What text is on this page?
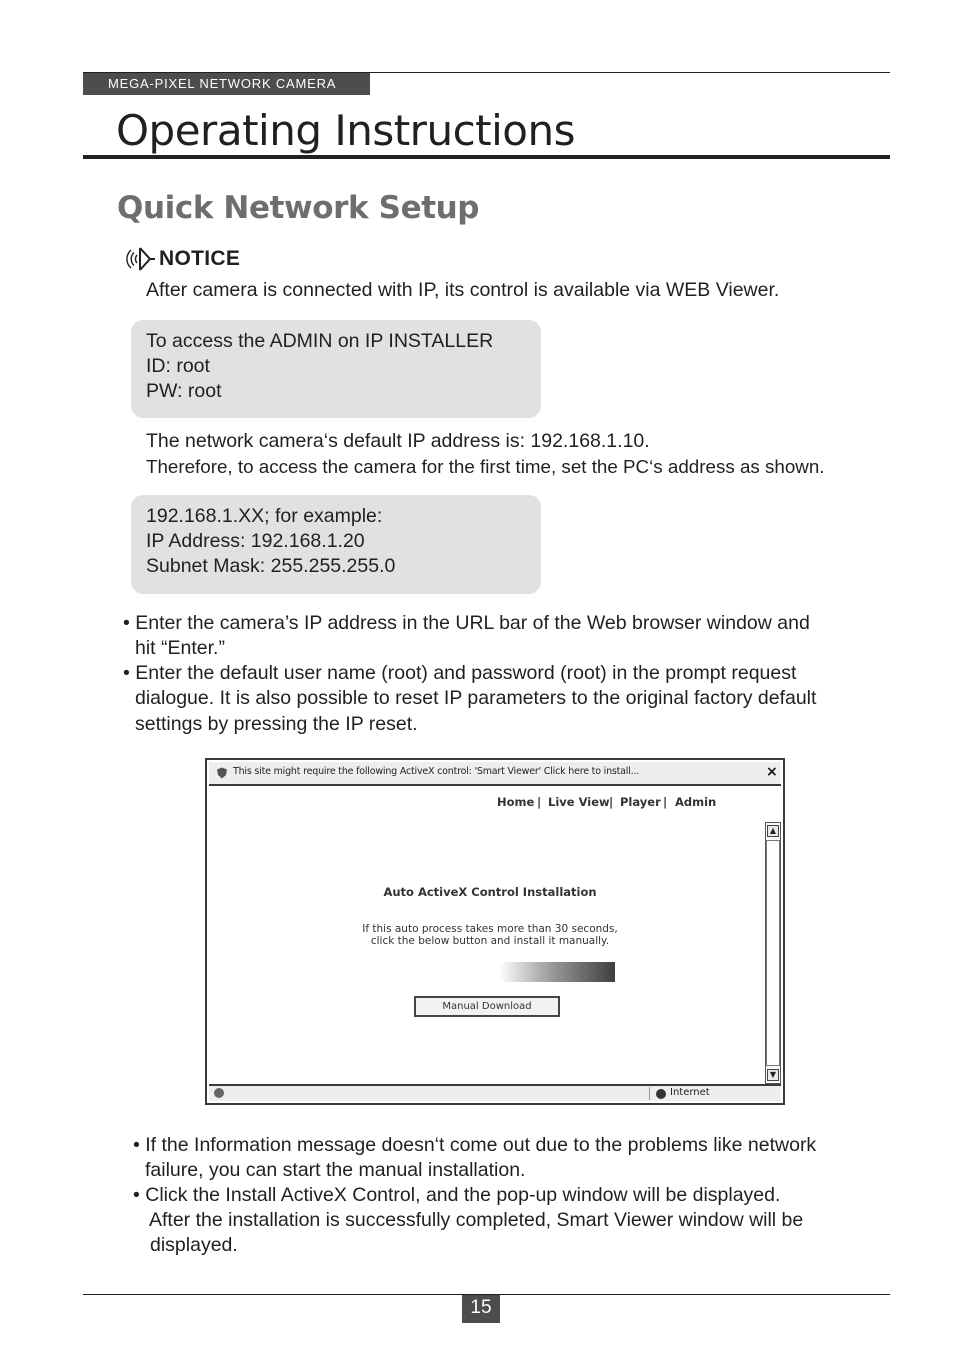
MEGA-PIXEL NETWORK CAMERA
Operating Instructions
Quick Network Setup
NOTICE
After camera is connected with IP, its control is available via WEB Viewer.
To access the ADMIN on IP INSTALLER
ID: root
PW: root
The network camera‘s default IP address is: 192.168.1.10.
Therefore, to access the camera for the first time, set the PC‘s address as shown.
192.168.1.XX; for example:
IP Address: 192.168.1.20
Subnet Mask: 255.255.255.0
• Enter the camera’s IP address in the URL bar of the Web browser window and
hit “Enter.”
• Enter the default user name (root) and password (root) in the prompt request
dialogue. It is also possible to reset IP parameters to the original factory default
settings by pressing the IP reset.
This site might require the following ActiveX control: 'Smart Viewer' Click here to install...	×
Home | Live View | Player | Admin
▲
▼
Auto ActiveX Control Installation
If this auto process takes more than 30 seconds,
click the below button and install it manually.
Manual Download
Internet
• If the Information message doesn‘t come out due to the problems like network
failure, you can start the manual installation.
• Click the Install ActiveX Control, and the pop-up window will be displayed.
After the installation is successfully completed, Smart Viewer window will be
displayed.
15
